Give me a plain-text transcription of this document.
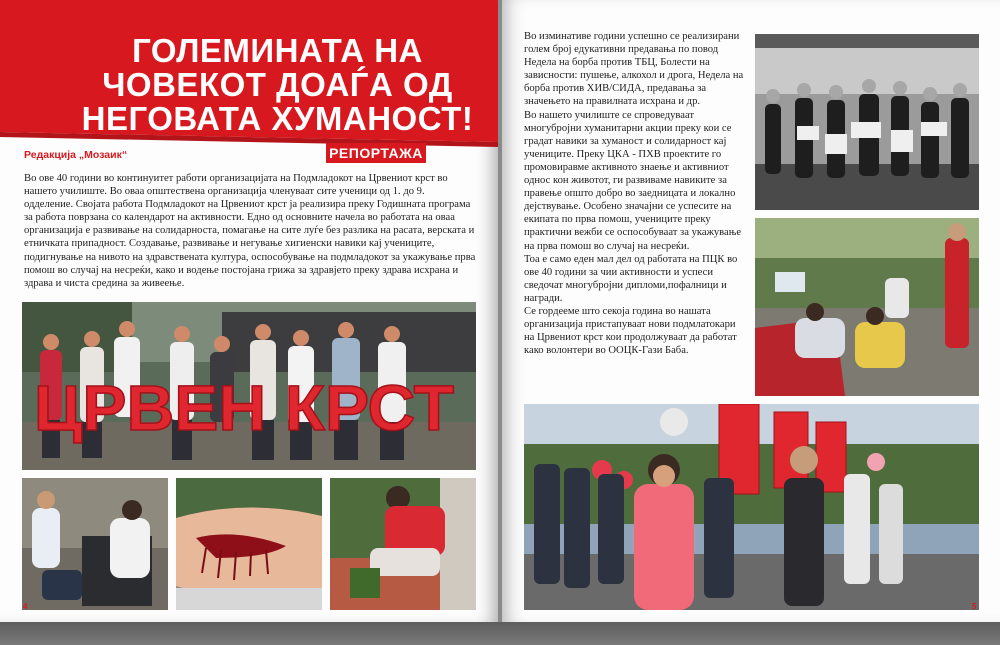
ГОЛЕМИНАТА НА
ЧОВЕКОТ ДОАЃА ОД
НЕГОВАТА ХУМАНОСТ!
Редакција „Мозаик“	РЕПОРТАЖА

Во ове 40 години во континуитет работи организацијата на Подмладокот на Црвениот крст во нашето училиште. Во оваа општествена организација членуваат сите ученици од 1. до 9. одделение. Својата работа Подмладокот на Црвениот крст ја реализира преку Годишната програма за работа поврзана со календарот на активности. Едно од основните начела во работата на оваа организација е развивање на солидарноста, помагање на сите луѓе без разлика на расата, верската и етничката припадност. Создавање, развивање и негување хигиенски навики кај учениците, подигнување на нивото на здравствената култура, оспособување на подмладокот за укажување прва помош во случај на несреќи, како и водење постојана грижа за здравјето преку здрава исхрана и здрава и чиста средина за живеење.

ЦРВЕН КРСТ
4

Во изминативе години успешно се реализирани голем број едукативни предавања по повод Недела на борба против ТБЦ, Болести на зависности: пушење, алкохол и дрога, Недела на борба против ХИВ/СИДА, предавања за значењето на правилната исхрана и др.

Во нашето училиште се спроведуваат многубројни хуманитарни акции преку кои се градат навики за хуманост и солидарност кај учениците. Преку ЦКА - ПХВ проектите го промовиравме активното знаење и активниот однос кон животот, ги развиваме навиките за правење општо добро во заедницата и локално дејствување. Особено значајни се успесите на екипата по прва помош, учениците преку практични вежби се оспособуваат за укажување на прва помош во случај на несреќи.

Тоа е само еден мал дел од работата на ПЦК во ове 40 години за чии активности и успеси сведочат многубројни дипломи,пофалници и награди.

Се гордееме што секоја година во нашата организација пристапуваат нови подмлатокари на Црвениот крст кои продолжуваат да работат како волонтери во ООЦК-Гази Баба.

5
